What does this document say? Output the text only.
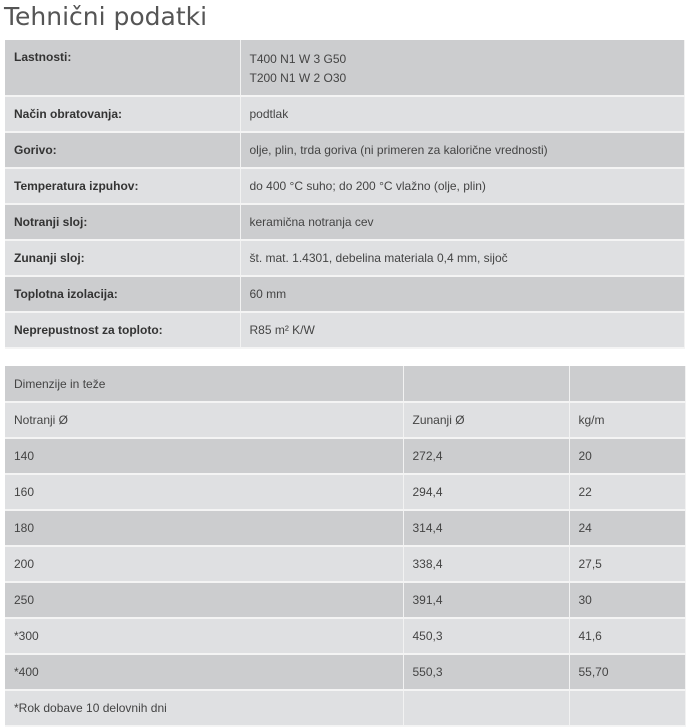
Tehnični podatki
Lastnosti:	T400 N1 W 3 G50
T200 N1 W 2 O30

Način obratovanja:	podtlak
Gorivo:	olje, plin, trda goriva (ni primeren za kalorične vrednosti)
Temperatura izpuhov:	do 400 °C suho; do 200 °C vlažno (olje, plin)
Notranji sloj:	keramična notranja cev
Zunanji sloj:	št. mat. 1.4301, debelina materiala 0,4 mm, sijoč
Toplotna izolacija:	60 mm
Neprepustnost za toploto:	R85 m² K/W
Dimenzije in teže		
Notranji Ø	Zunanji Ø	kg/m
140	272,4	20
160	294,4	22
180	314,4	24
200	338,4	27,5
250	391,4	30
*300	450,3	41,6
*400	550,3	55,70
*Rok dobave 10 delovnih dni		
